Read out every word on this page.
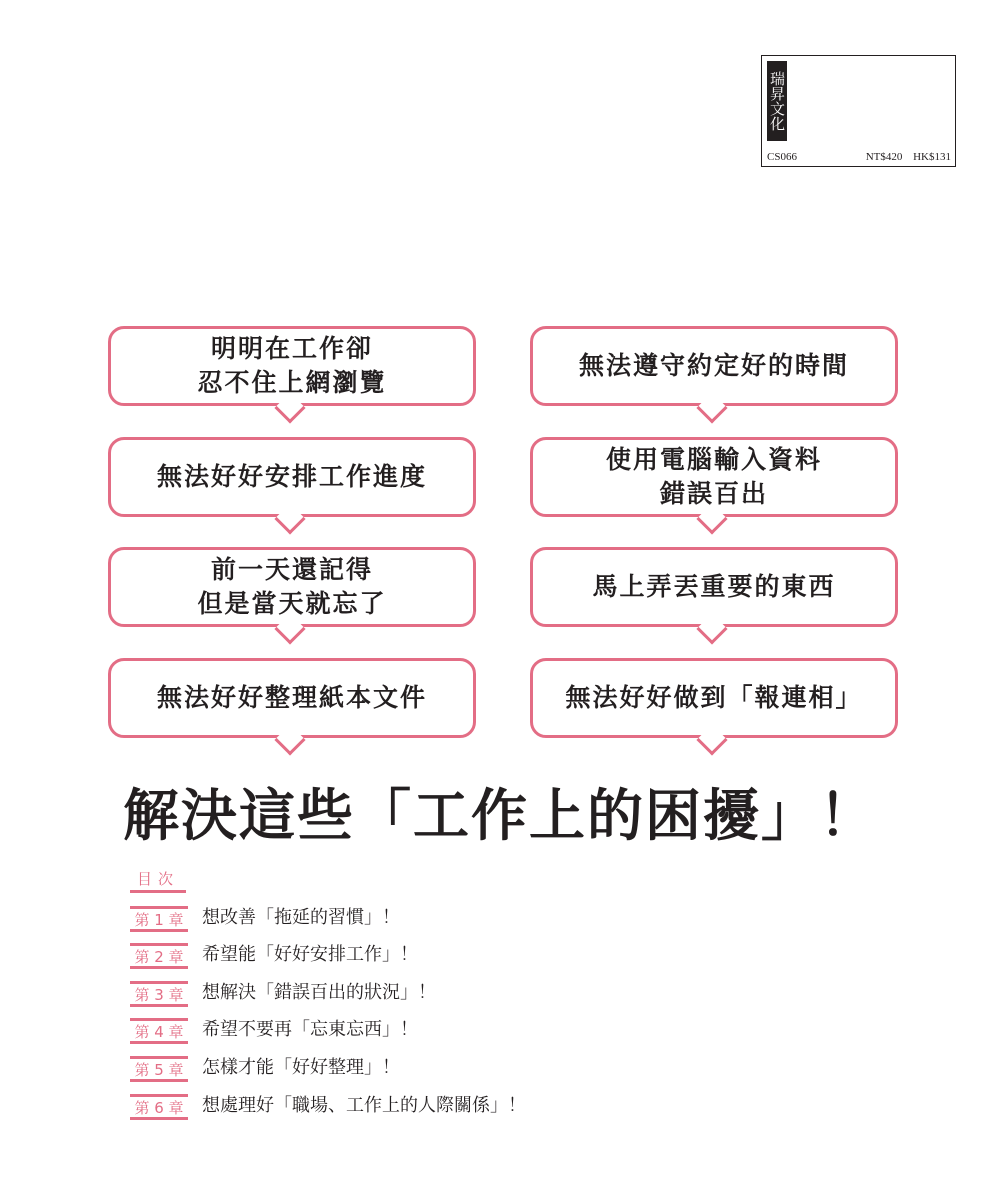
瑞昇文化
CS066	NT$420 HK$131
明明在工作卻
忍不住上網瀏覽
無法遵守約定好的時間
無法好好安排工作進度
使用電腦輸入資料
錯誤百出
前一天還記得
但是當天就忘了
馬上弄丟重要的東西
無法好好整理紙本文件	無法好好做到「報連相」
解決這些「工作上的困擾」！
目次
第 1 章 想改善「拖延的習慣」！
第 2 章 希望能「好好安排工作」！
第 3 章 想解決「錯誤百出的狀況」！
第 4 章 希望不要再「忘東忘西」！
第 5 章 怎樣才能「好好整理」！
第 6 章 想處理好「職場、工作上的人際關係」！
